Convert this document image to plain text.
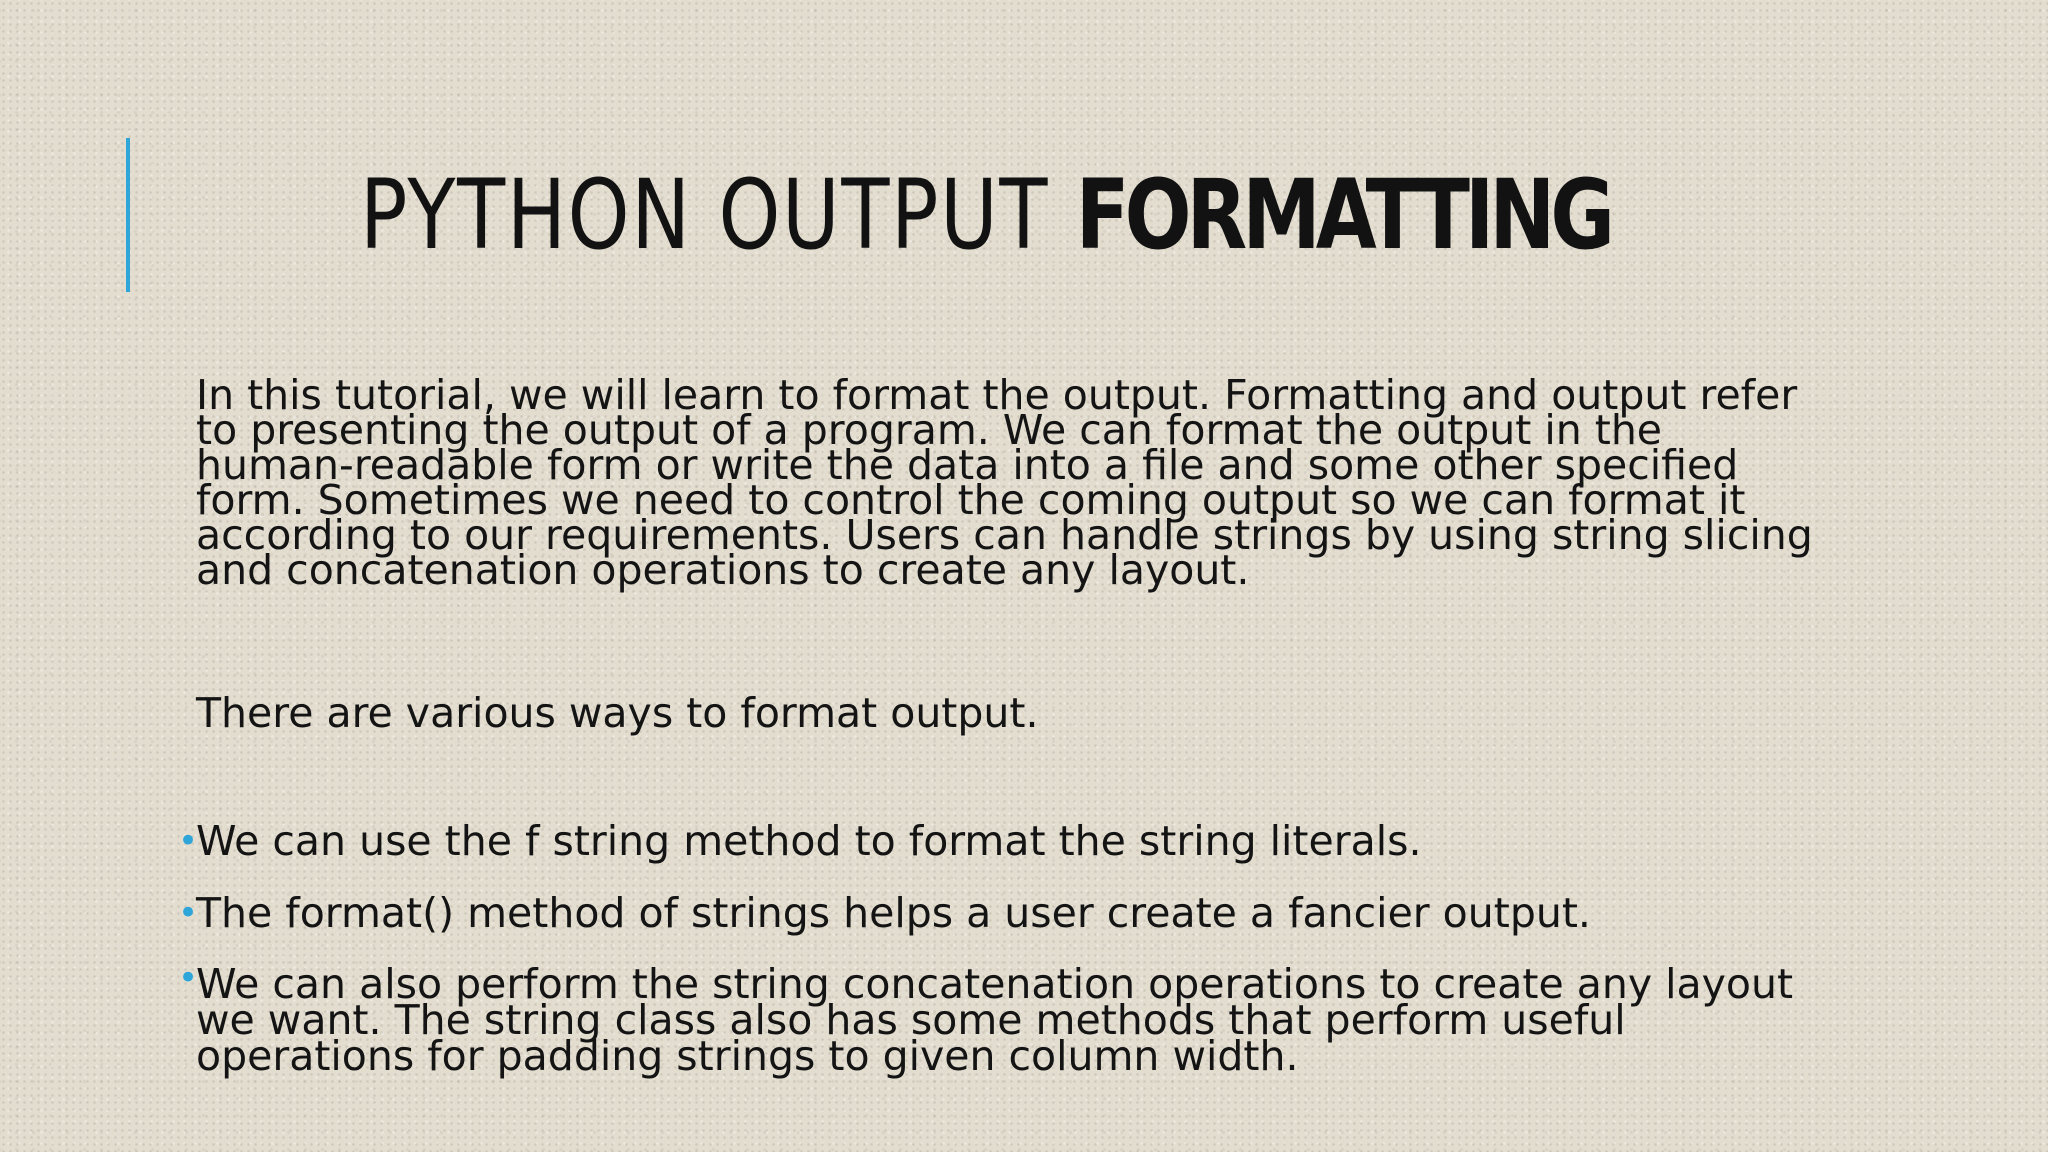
PYTHON OUTPUT FORMATTING

In this tutorial, we will learn to format the output. Formatting and output refer to presenting the output of a program. We can format the output in the human-readable form or write the data into a file and some other specified form. Sometimes we need to control the coming output so we can format it according to our requirements. Users can handle strings by using string slicing and concatenation operations to create any layout.

There are various ways to format output.

•
We can use the f string method to format the string literals.
•
The format() method of strings helps a user create a fancier output.
•
We can also perform the string concatenation operations to create any layout we want. The string class also has some methods that perform useful operations for padding strings to given column width.
